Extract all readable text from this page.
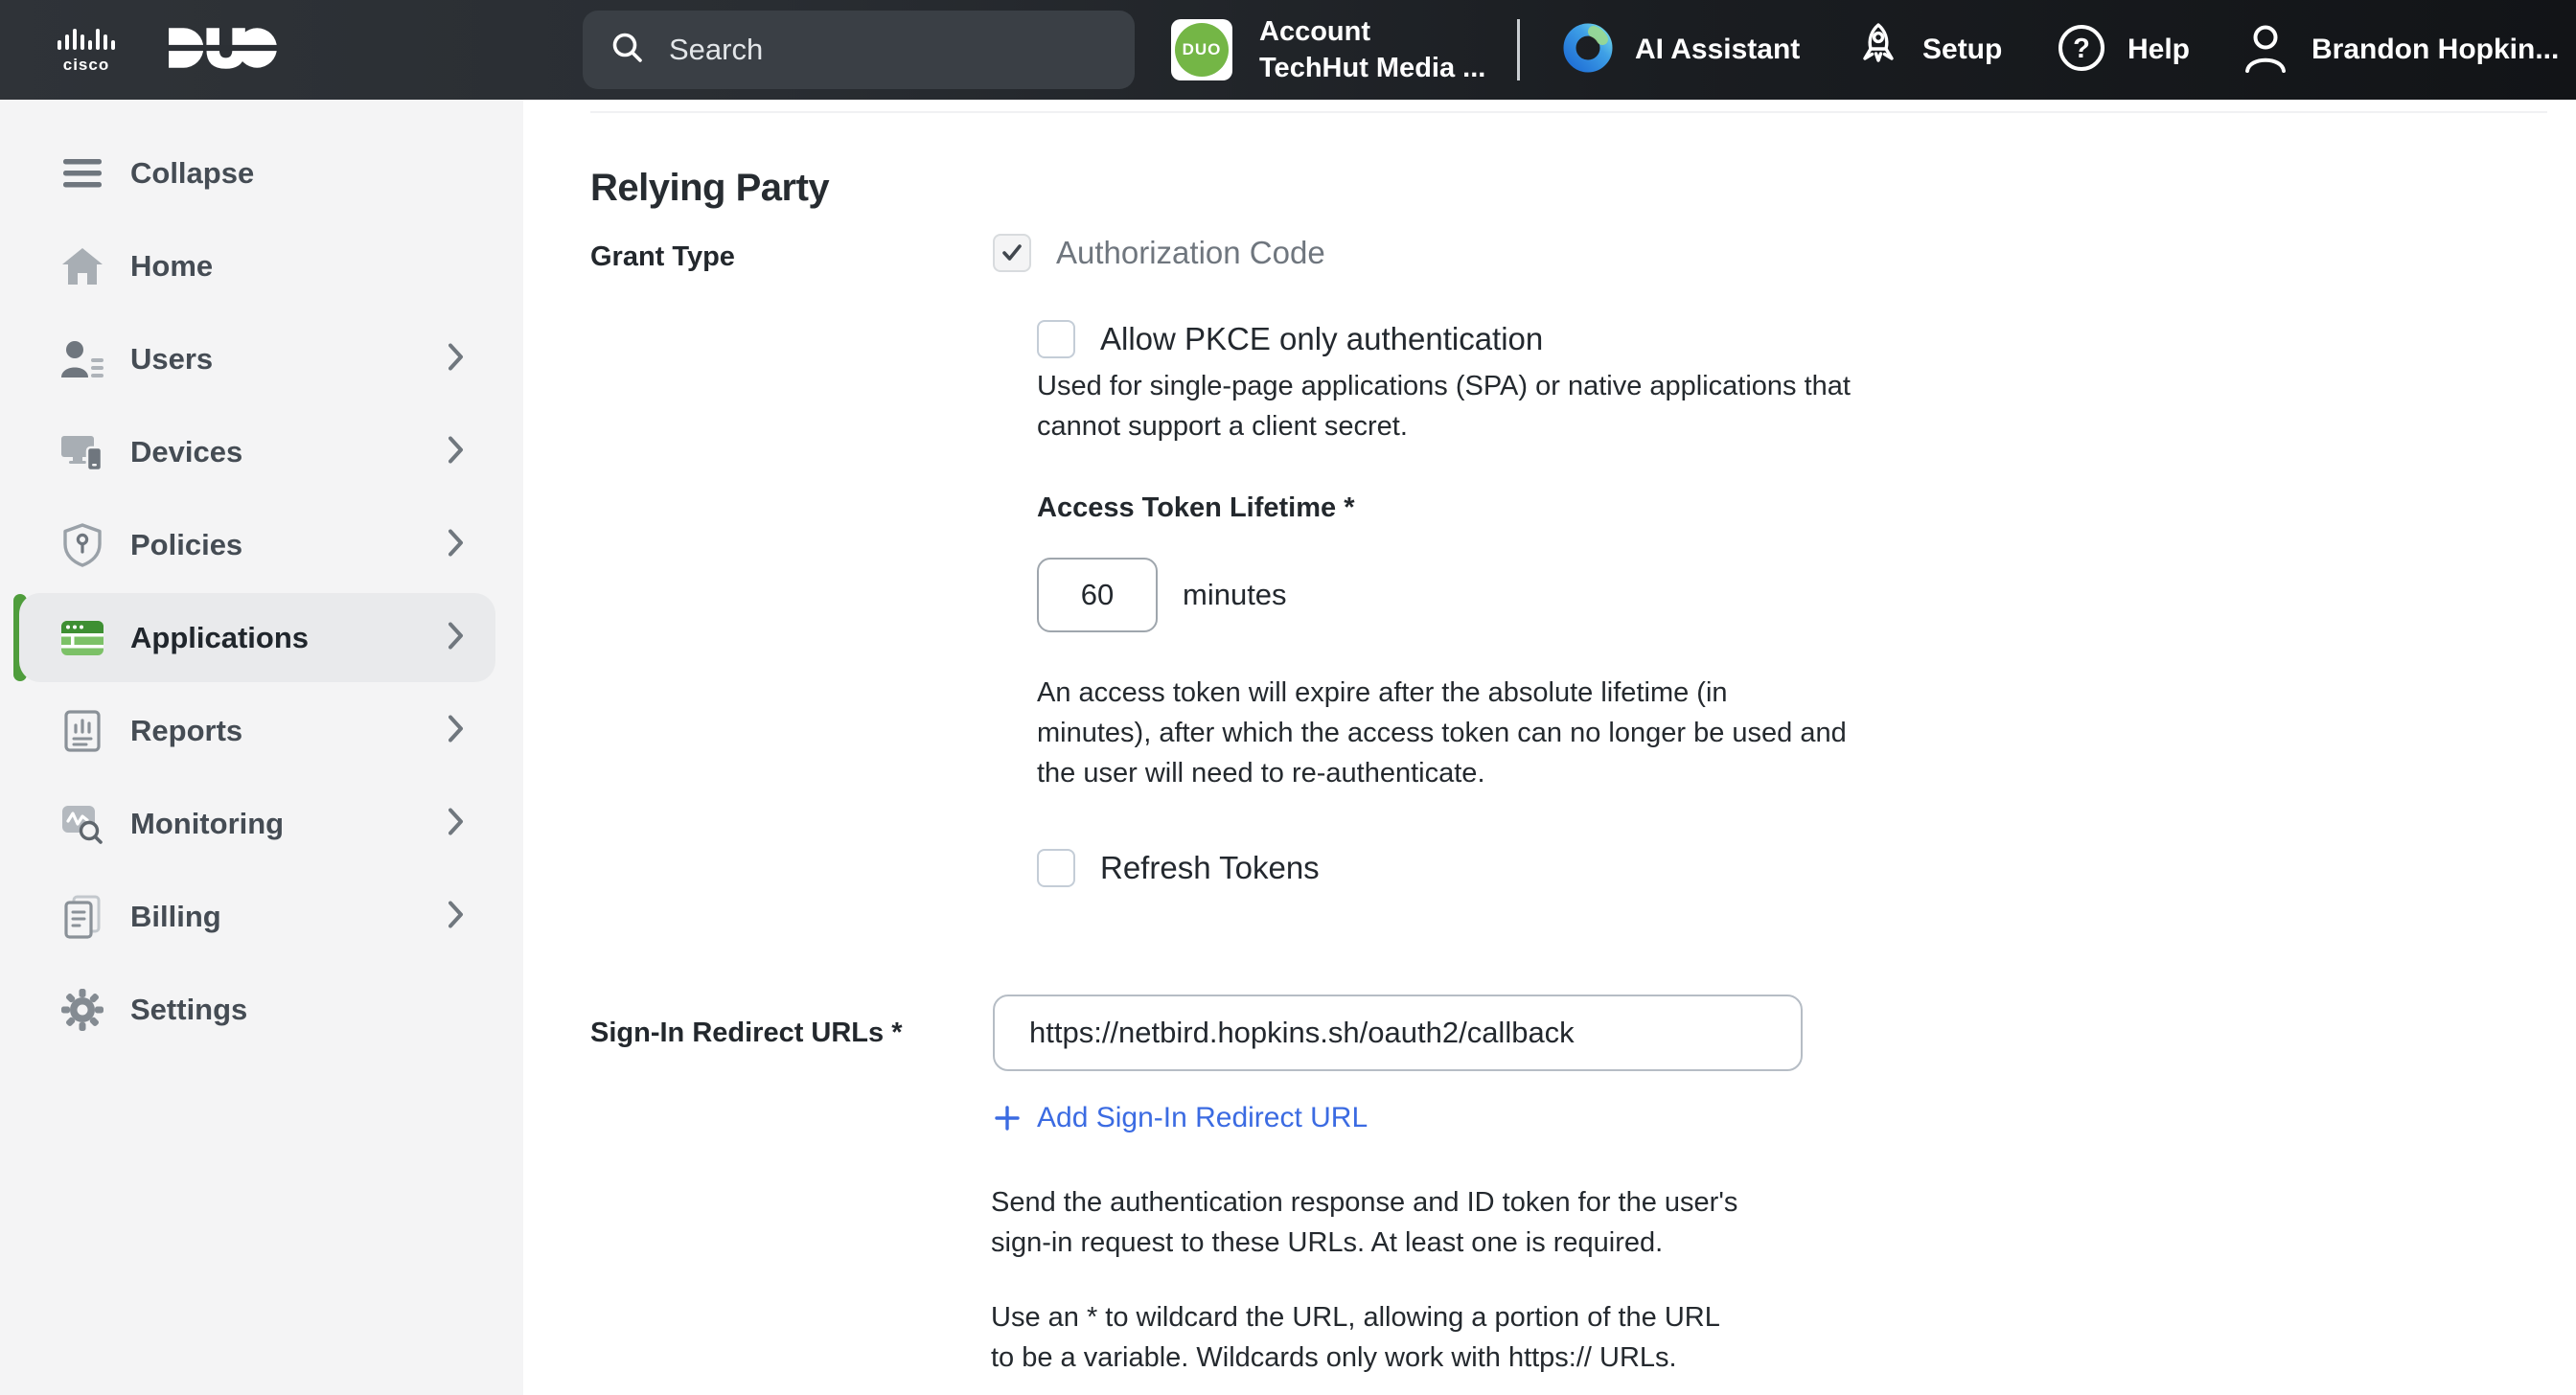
cisco
Search
DUO
Account
TechHut Media ...
AI Assistant	Setup	? Help	Brandon Hopkin...
Collapse
Home
Users
Devices
Policies
Applications
Reports
Monitoring
Billing
Settings
Relying Party
Grant Type	Authorization Code
Allow PKCE only authentication
Used for single-page applications (SPA) or native applications that cannot support a client secret.
Access Token Lifetime *
60
minutes
An access token will expire after the absolute lifetime (in minutes), after which the access token can no longer be used and the user will need to re-authenticate.
Refresh Tokens
Sign-In Redirect URLs *
https://netbird.hopkins.sh/oauth2/callback
Add Sign-In Redirect URL
Send the authentication response and ID token for the user's sign-in request to these URLs. At least one is required.
Use an * to wildcard the URL, allowing a portion of the URL to be a variable. Wildcards only work with https:// URLs.
